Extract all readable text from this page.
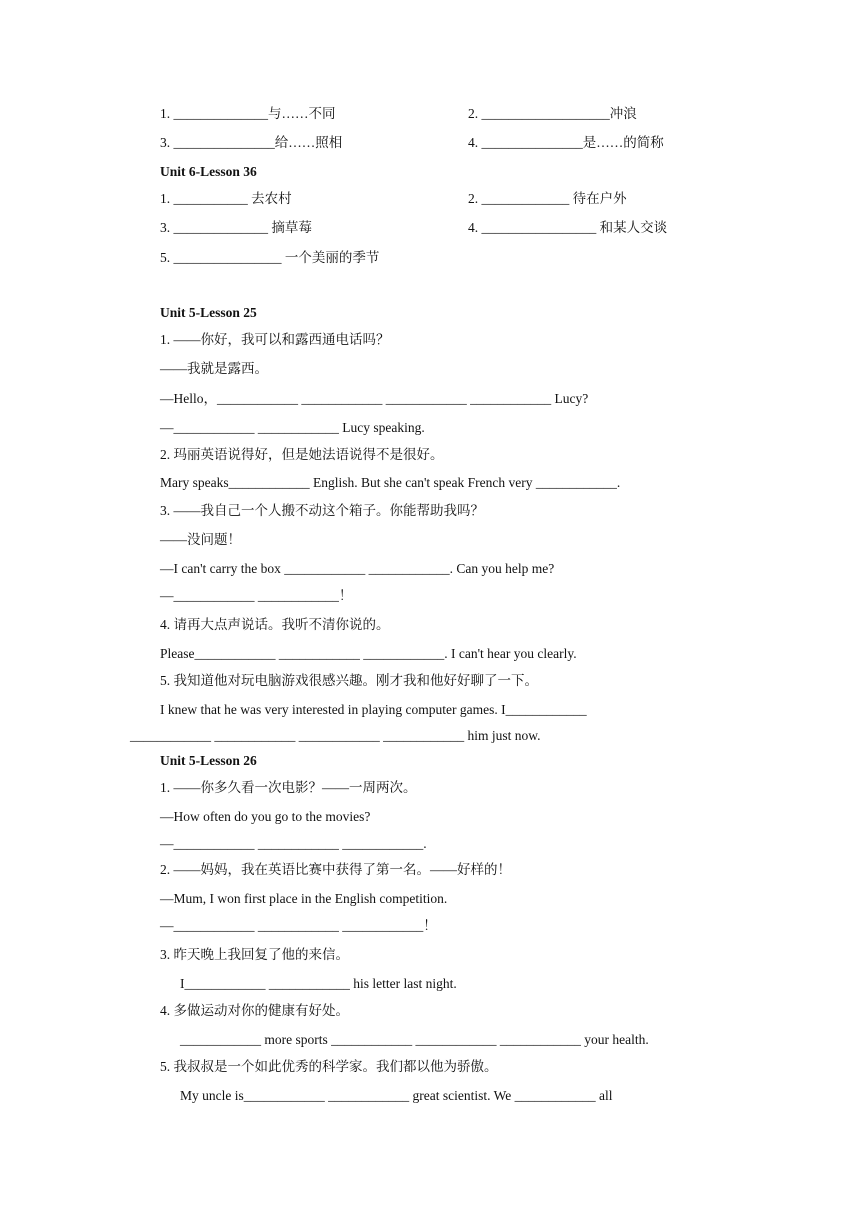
1. ______________与……不同	2. ___________________冲浪
3. _______________给……照相	4. _______________是……的简称
Unit 6-Lesson 36
1. ___________ 去农村	2. _____________ 待在户外
3. ______________ 摘草莓	4. _________________ 和某人交谈
5. ________________ 一个美丽的季节
Unit 5-Lesson 25
1. ——你好，我可以和露西通电话吗？
——我就是露西。
—Hello，____________ ____________ ____________ ____________ Lucy?
—____________ ____________ Lucy speaking.
2. 玛丽英语说得好，但是她法语说得不是很好。
Mary speaks____________ English. But she can't speak French very ____________.
3. ——我自己一个人搬不动这个箱子。你能帮助我吗？
——没问题！
—I can't carry the box ____________ ____________. Can you help me?
—____________ ____________！
4. 请再大点声说话。我听不清你说的。
Please____________ ____________ ____________. I can't hear you clearly.
5. 我知道他对玩电脑游戏很感兴趣。刚才我和他好好聊了一下。
I knew that he was very interested in playing computer games. I____________
____________ ____________ ____________ ____________ him just now.
Unit 5-Lesson 26
1. ——你多久看一次电影？——一周两次。
—How often do you go to the movies?
—____________ ____________ ____________.
2. ——妈妈，我在英语比赛中获得了第一名。——好样的！
—Mum, I won first place in the English competition.
—____________ ____________ ____________！
3. 昨天晚上我回复了他的来信。
I____________ ____________ his letter last night.
4. 多做运动对你的健康有好处。
____________ more sports ____________ ____________ ____________ your health.
5. 我叔叔是一个如此优秀的科学家。我们都以他为骄傲。
My uncle is____________ ____________ great scientist. We ____________ all
